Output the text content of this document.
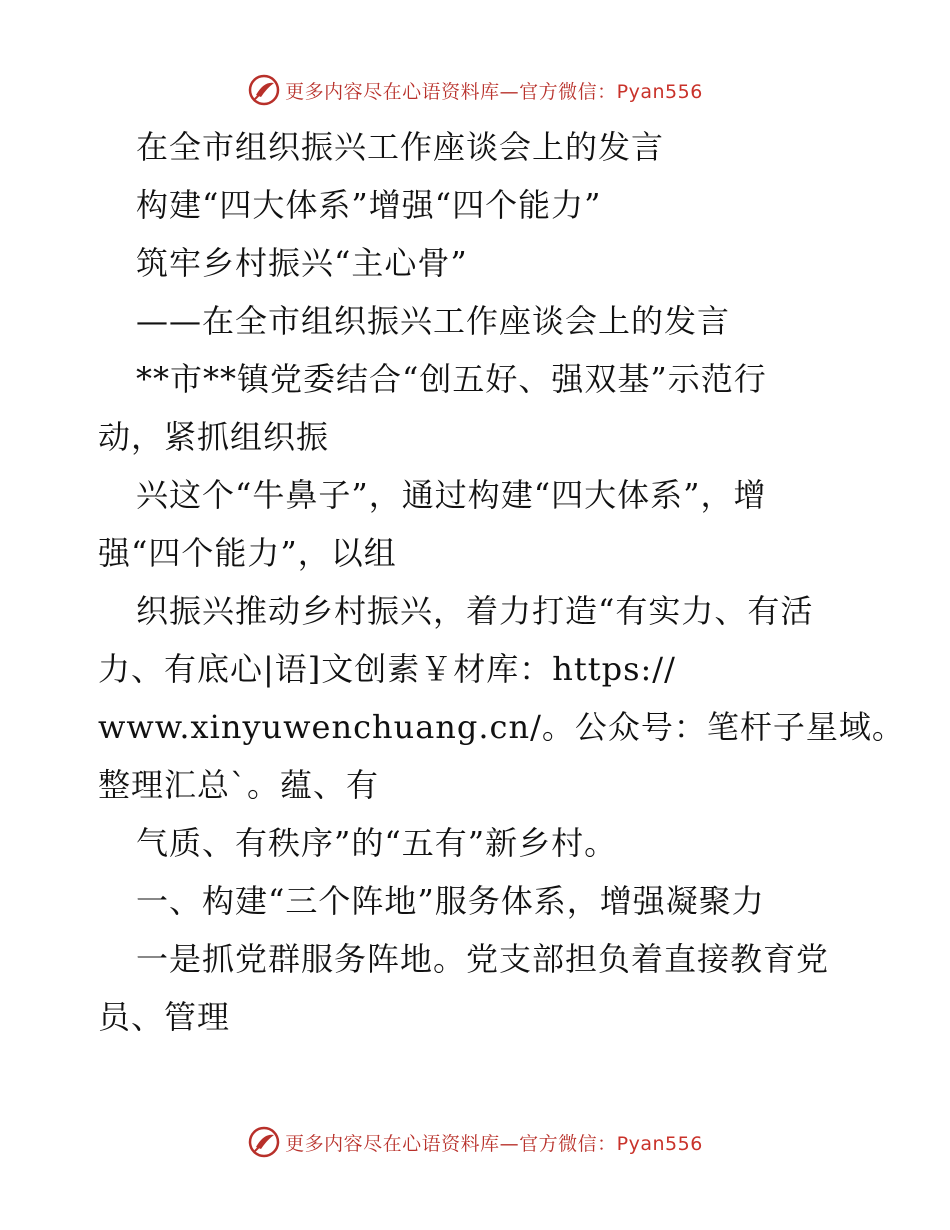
更多内容尽在心语资料库—官方微信：Pyan556
在全市组织振兴工作座谈会上的发言
构建“四大体系”增强“四个能力”
筑牢乡村振兴“主心骨”
——在全市组织振兴工作座谈会上的发言
**市**镇党委结合“创五好、强双基”示范行
动，紧抓组织振
兴这个“牛鼻子”，通过构建“四大体系”，增
强“四个能力”，以组
织振兴推动乡村振兴，着力打造“有实力、有活
力、有底心|语]文创素￥材库：https://
www.xinyuwenchuang.cn/。公众号：笔杆子星域。
整理汇总`。蕴、有
气质、有秩序”的“五有”新乡村。
一、构建“三个阵地”服务体系，增强凝聚力
一是抓党群服务阵地。党支部担负着直接教育党
员、管理
更多内容尽在心语资料库—官方微信：Pyan556
